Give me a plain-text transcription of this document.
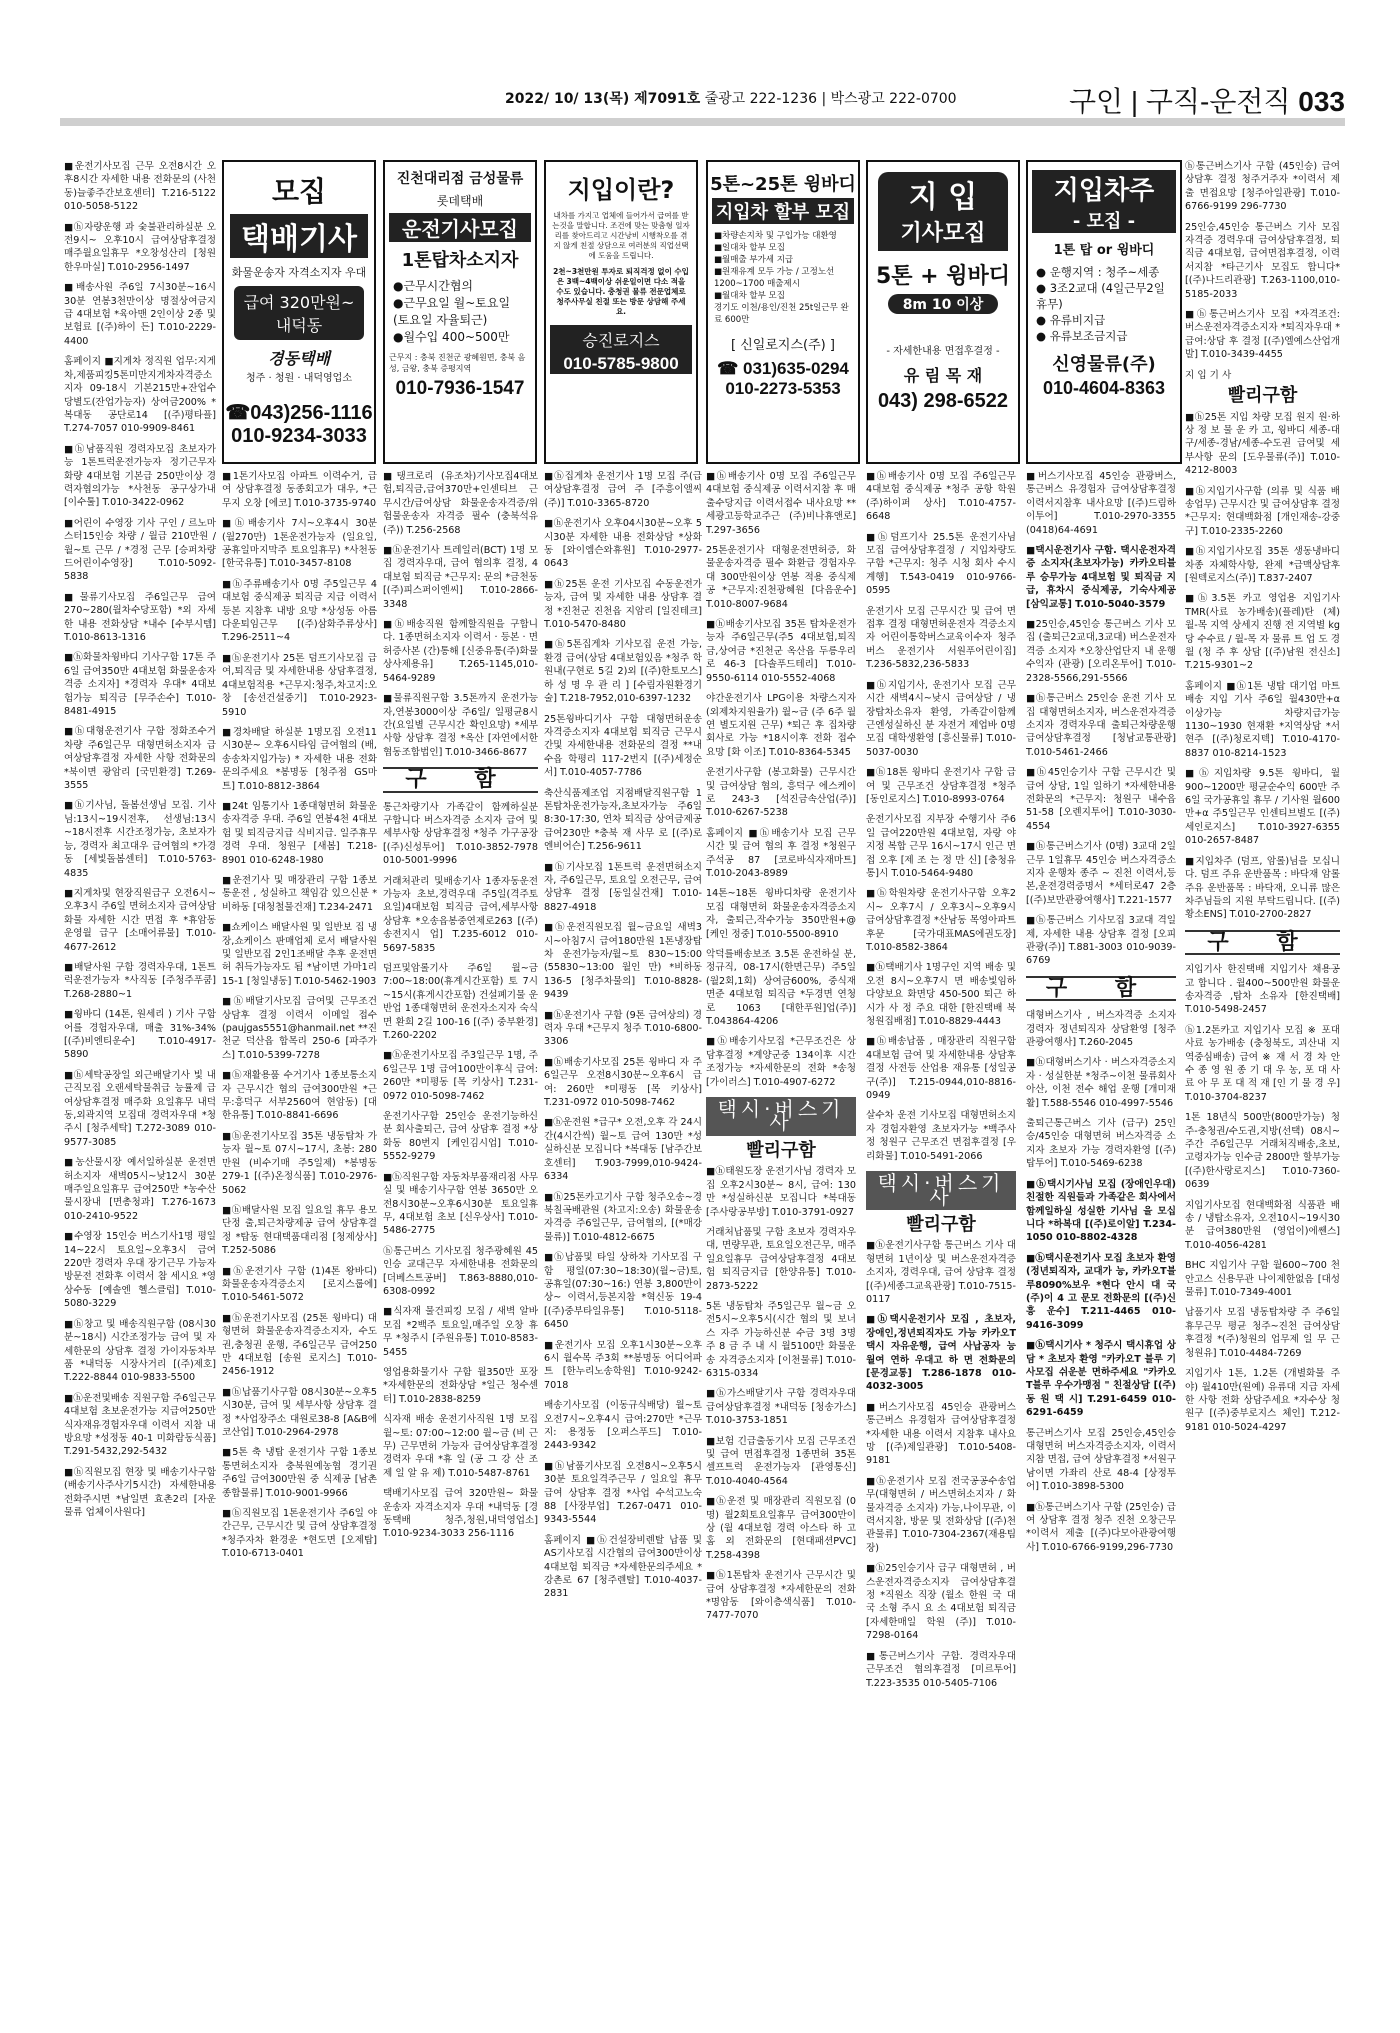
2022/ 10/ 13(목) 제7091호 줄광고 222-1236 | 박스광고 222-0700	구인 | 구직-운전직 033
■운전기사모집 근무 오전8시간 오후8시간 자세한 내용 전화문의 (사천동)늘좋주간보호센터] T.216-5122 010-5058-5122
■ⓗ자량운행 과 숯불관리하실분 오전9시~ 오후10시 급여상담후결정 매주월요일휴무 *오창성산리 [청원한우마실] T.010-2956-1497
■배송사원 주6일 7시30분~16시30분 연봉3천만이상 명절상여금지급 4대보험 *육아맨 2인이상 2종 및 보험료 [(주)하이 든] T.010-2229-4400
홈페이지 ■지게차 정직원 업무:지게차,제품피킹5톤미만지게차자격증소지자 09-18시 기본215만+잔업수당별도(잔업가능자) 상여금200% *복대동 공단로14 [(주)평타플] T.274-7057 010-9909-8461
■ⓗ남품직원 경력자모집 초보자가능 1톤트럭운전가능자 정기근무자 화량 4대보험 기본급 250만이상 경력자협의가능 *사천동 공구상가내 [이수툴] T.010-3422-0962
■어린이 수영장 기사 구인 / 르노마스터15인승 차량 / 월급 210만원 / 월~토 근무 / *경정 근무 [승퍼차량드어린이수영장] T.010-5092-5838
■물류기사모집 주6일근무 급여 270~280(월차수당포함) *외 자세한 내용 전화상담 *내수 [수부시템] T.010-8613-1316
■ⓗ화물차윙바디 기사구함 17톤 주6일 급여350만 4대보험 화물운송자격증 소지자] *경력자 우대* 4대보험가능 퇴직금 [무주손수] T.010-8481-4915
■ⓗ대형운전기사 구함 정화조수거차량 주6일근무 대형면허소지자 급여상담후결정 자세한 사항 전화문의 *북이면 광암리 [국민환경] T.269-3555
■ⓗ기사님, 돌봄선생님 모집. 기사님:13시~19시전후, 선생님:13시~18시전후 시간조정가능, 초보자가능, 경력자 최고대우 급여협의 *가경동 [세빛돌봄센터] T.010-5763-4835
■지게차및 현장직원급구 오전6시~ 오후3시 주6일 면허소지자 급여상담 화물 자세한 시간 면접 후 *휴암동 운영월 급구 [소매어류물] T.010-4677-2612
■배달사원 구함 경력자우대, 1톤트럭운전가능자 *사직동 [주청주푸쿰] T.268-2880~1
■윙바디 (14톤, 원세리 ) 기사 구함 어를 경험자우대, 매출 31%-34% [(주)비엔티운수] T.010-4917-5890
■ⓗ세탁공장일 외근배달기사 빛 내근직모집 오랜세탁물취급 능률제 급여상담후결정 매주화 요일휴무 내덕동,외곽지역 모집대 경력자우대 *청주시 [청주세탁] T.272-3089 010-9577-3085
■농산물시장 예서일하실분 운전면허소지자 새벽05시~낮12시 30분 매주일요일휴무 급여250만 *농수산물시장내 [면총청과] T.276-1673 010-2410-9522
■수영장 15인승 버스기사1명 평일14~22시 토요일~오후3시 급여220만 경력자 우대 장기근무 가능자 방문전 전화후 이력서 참 세시요 *영 상수동 [예솔엔 헬스클럽] T.010-5080-3229
■ⓗ창고 및 배송직원구함 (08시30분~18시) 시간조정가능 급여 및 자세한문의 상담후 결정 가이자동차부품 *내덕동 시장사거리 [(주)제호] T.222-8844 010-9833-5500
■ⓗ운전및배송 직원구함 주6일근무 4대보험 초보운전가능 지급여250만 식자재유경험자우대 이력서 지참 내방요망 *성정동 40-1 미화람동식품] T.291-5432,292-5432
■ⓗ직원모집 현장 및 배송기사구함(배송기사주사기5시간) 자세한내용 전화주시면 *남일면 효촌2리 [자운물류 업체이사원다]
모집
택배기사
화물운송자 자격소지자 우대
급여 320만원~
내덕동
경동택배
청주 · 청원 · 내덕영업소
☎043)256-1116
010-9234-3033
진천대리점 금성물류
롯데택배
운전기사모집
1톤탑차소지자
●근무시간협의
●근무요일 월~토요일 (토요일 자율퇴근)
●월수입 400~500만
근무지 : 충북 진천군 광혜원면, 충북 음성, 금왕, 충북 증평지역
010-7936-1547
지입이란?
내차를 가지고 업체에 들어가서 급여를 받는것을 말합니다. 조건에 맞는 맞춤형 일자리를 찾아드리고 시간낭비 시행착오를 겪지 않게 친절 상담으로 여러분의 직업선택에 도움을 드립니다.
2천~3천만원 투자로 퇴직걱정 없이 수입은 3백~4백이상 쉬운일이면 다소 적을 수도 있습니다. 충청권 물류 전문업체로 청주사무실 친절 또는 방문 상담해 주세요.
승진로지스
010-5785-9800
5톤~25톤 윙바디
지입차 할부 모집
■차량손지차 및 구입가능 대환영
■일대차 할부 모집
■월매출 부가세 지급
■원재유계 모두 가능 / 고정노선 1200~1700 매출제시
■월대차 할부 모집
경기도 이천/용인/진천 25t일근무 완료 600만
[ 신일로지스(주) ]
☎ 031)635-0294
010-2273-5353
지 입
기사모집
5톤 + 윙바디
8m 10 이상
- 자세한내용 면접후결정 -
유 림 목 재
043) 298-6522
지입차주
- 모집 -
1톤 탑 or 윙바디
● 운행지역 : 청주~세종
● 3조2교대 (4일근무2일휴무)
● 유류비지급
● 유류보조금지급
신영물류(주)
010-4604-8363
■1톤기사모집 아파트 이력수거, 급여 상담후결정 동종회고가 대우, *근무지 오창 [에코] T.010-3735-9740
■ⓗ배송기사 7시~오후4시 30분 (월270만) 1톤운전가능자 (일요일,공휴일마지막주 토요일휴무) *사천동 [한국유통] T.010-3457-8108
■ⓗ주류배송기사 0명 주5일근무 4대보험 중식제공 퇴직금 지급 이력서 등본 지참후 내방 요망 *상성동 아름다운퇴임근무 [(주)삼화주류상사] T.296-2511~4
■ⓗ운전기사 25톤 덤프기사모집 급여,퇴직금 및 자세한내용 상담후결정, 4대보험적용 *근무지:청주,차고지:오창 [송선건설중기] T.010-2923-5910
■경차배달 하실분 1명모집 오전11시30분~ 오후6시타임 급여협의 (배,송송차지입가능) * 자세한 내용 전화문의주세요 *봉명동 [청주점 GS마트] T.010-8812-3864
■24t 임통기사 1종대형면허 화물운송자격증 우대. 주6일 연봉4천 4대보험 및 퇴직금지급 식비지급. 일주휴무 경력 우대. 청원구 [새봄] T.218-8901 010-6248-1980
■운전기사 및 매장관리 구함 1종보통운전 , 성실하고 책임감 있으신분 *비하동 [대청철물건재] T.234-2471
■쇼케이스 배달사원 및 일반보 집 냉장,쇼케이스 판매업체 로서 배달사원 및 일반모집 2인1조배달 추후 운전면허 취득가능자도 됨 *남이면 가마1리 15-1 [청일냉동] T.010-5462-1903
■ⓗ배달기사모집 급여및 근무조건 상담후 결정 이력서 이메일 접수(paujgas5551@hanmail.net **진천군 덕산읍 합목리 250-6 [파주가스] T.010-5399-7278
■ⓗ재활용품 수거기사 1종보통소지자 근무시간 협의 급여300만원 *근무:흥덕구 서부2560여 현암동) [대한유통] T.010-8841-6696
■ⓗ운전기사모집 35톤 냉동탑차 가능자 월~토 07시~17시, 초봉: 280만원 (비수기매 주5일제) *봉명동 279-1 [(주)온정식품] T.010-2976-5062
■ⓗ배달사원 모집 일요일 휴무 용모단정 출,퇴근차량제공 급여 상담후결정 *탑동 현대택품대리점 [청제상사] T.252-5086
■ⓗ운전기사 구함 (1)4톤 왕바디) 화물운송자격증소지 [로지스룹에] T.010-5461-5072
■ⓗ운전기사모집 (25톤 윙바디) 대형면허 화물운송자격증소지자, 수도권,충청권 운행, 주6일근무 급여250만 4대보험 [송원 로지스] T.010-2456-1912
■ⓗ납품기사구함 08시30분~오후5시30분, 급여 및 세부사항 상담후 결정 *사업장주소 대원로38-8 [A&B에코산업] T.010-2964-2978
■5톤 축 냉탑 운전기사 구함 1종보통면허소지자 충북원예농협 경기권 주6일 급여300만원 중 식제공 [남촌종합물류] T.010-9001-9966
■ⓗ직원모집 1톤운전기사 주6일 야간근무, 근무시간 및 급여 상담후결정 *청주자차 환경운 *현도면 [오제탑] T.010-6713-0401
■탱크로리 (유조차)기사모집4대보험,퇴직금,급여370만+인센티브 근무시간/급여상담 화물운송자격증/위험물운송자 자격증 필수 (충북석유(주)) T.256-2568
■ⓗ운전기사 트레일러(BCT) 1명 모집 경력자우대, 급여 협의후 결정, 4대보험 퇴직금 *근무지: 문의 *금천동 [(주)피스퍼이엔씨] T.010-2866-3348
■ⓗ배송직원 함께할직원을 구합니다. 1종면허소지자 이력서 · 등본 · 면허증사본 (간)통해 [신중유통(주)화물상사제용유] T.265-1145,010-5464-9289
■물류직원구함 3.5톤까지 운전가능자,연봉3000이상 주6일/ 일평균8시간(요일별 근무시간 확인요망) *세부사항 상담후 결정 *옥산 [자연에서한협동조합법인] T.010-3466-8677
구 함
통근차량기사 가족같이 함께하실분 구합니다 버스자격증 소지자 급여 및 세부사항 상담후결정 *청주 가구공장 [(주)신성투어] T.010-3852-7978 010-5001-9996
거래처관리 및배송기사 1종자동운전가능자 초보,경력우대 주5일(격주토요일)4대보험 퇴직금 급여,세부사항상담후 *오송읍봉중연제로263 [(주)송전지시 업] T.235-6012 010-5697-5835
덤프및암롤기사 주6일 월~금 7:00~18:00(휴계시간포함) 토 7시~15시(휴게시간포함) 건설폐기물 운반업 1종대형면허 운전자소지자 숙식면 환희 2길 100-16 [(주) 중부환경] T.260-2202
■ⓗ운전기사모집 주3일근무 1명, 주6일근무 1명 급여100만이후식 급여: 260만 *미평동 [목 키상사] T.231-0972 010-5098-7462
운전기사구함 25인승 운전기능하신분 회사출퇴근, 급여 상담후 결정 *상화동 80번지 [케인김시업] T.010-5552-9279
■ⓗ직원구함 자동차부품재리점 사무실 및 배송기사구함 연봉 3650만 오전8시30분~오후6시30분 토요일휴무, 4대보험 초보 [신우상사] T.010-5486-2775
ⓗ통근버스 기사모집 청주광혜원 45인승 교대근무 자세한내용 전화문의 [더베스트공버] T.863-8880,010-6308-0992
■식자재 물건피킹 모집 / 새벽 알바모집 *2백주 토요일,매주일 오창 휴무 *청주시 [주원유통] T.010-8583-5455
영업용화물기사 구함 월350만 포장 *자세한문의 전화상담 *일근 청수센터] T.010-2838-8259
식자재 배송 운전기사직원 1명 모집 월~토: 07:00~12:00 월~금 (비 근무) 근무면허 가능자 급여상담후결정 경력자 우대 *휴 일 (공 그 강 산 조 제 일 알 유 제) T.010-5487-8761
택배기사모집 급여 320만원~ 화물운송자 자격소지자 우대 *내덕동 [경동택배 청주,청원,내덕영업소] T.010-9234-3033 256-1116
■ⓗ집게차 운전기사 1명 모집 주(급여상담후결정 급여 주 [주흥이앨씨(주)] T.010-3365-8720
■ⓗ운전기사 오후04시30분~오후 5시30분 자세한 내용 전화상담 *상화동 [와이엠슨와휴원] T.010-2977-0643
■ⓗ25톤 운전 기사모집 수동운전가능자, 급여 및 자세한 내용 상담후 결정 *진천군 진천읍 지암리 [일진테크] T.010-5470-8480
■ⓗ5톤집게차 기사모집 운전 가능, 환경 급여(상담 4대보험있음 *청주 학원내(구현로 5길 2)외 [(주)한토모스] 하 성 명 우 관 리 ] [수림자원환경기술] T.218-7952,010-6397-1232
25톤윙바디기사 구함 대형면허운송 자격증소지자 4대보험 퇴직금 근무시간및 자세한내용 전화문의 결정 **내수읍 학평리 117-2번지 [(주)세정순서] T.010-4057-7786
축산식품제조업 지점배달직원구함 1톤탑차운전가능자,초보자가능 주6일 8:30-17:30, 연차 퇴직금 상여금제공 급여230만 *충북 재 사무 로 [(주)로엔비어슨] T.256-9611
■ⓗ기사모집 1톤트럭 운전면허소지자, 주6일근무, 토요일 오전근무, 급여 상담후 결정 [동일실건재] T.010-8827-4918
■ⓗ운전직원모집 월~금요일 새벽3시~아침7시 급여180만원 1톤냉장탑차 운전가능자/월~토 830~15:00 (55830~13:00 월인 만) *비하동136-5 [청주차물의] T.010-8828-9439
■ⓗ운전기사 구함 (9톤 급여상의) 경력자 우대 *근무지 청주 T.010-6800-3306
■ⓗ배송기사모집 25톤 윙바디 자 주6일근무 오전8시30분~오후6시 급여: 260만 *미평동 [목 키상사] T.231-0972 010-5098-7462
■ⓗ운전원 *급구* 오전,오후 각 24시간(4시간씩) 월~토 급여 130만 *성실하신분 모집니다 *복대동 [남주간보호센터] T.903-7999,010-9424-6334
■ⓗ25톤카고기사 구함 청주오송~경북칠곡배관원 (차고지:오송) 화물운송자격증 주6일근무, 급여협의, [(*매강물류)] T.010-4812-6675
■ⓗ납품및 타일 상하차 기사모집 구함 평일(07:30~18:30)(월~금)토, 공휴일(07:30~16:) 연봉 3,800만이상~ 이력서,등본지참 *혁신동 19-4 [(주)중부타일유통] T.010-5118-6450
■운전기사 모집 오후1시30분~오후6시 월수목 주3회 **봉명동 어디어파트 [한누리노송학원] T.010-9242-7018
배송기사모집 (이동규식배당) 월~토 오전7시~오후4시 급여:270만 *근무지: 용정동 [오퍼스푸드] T.010-2443-9342
■ⓗ남품기사모집 오전8시~오후5시30분 토요일격주근무 / 일요일 휴무 급여 상담후 결정 *사업 수석고노숙 88 [사장부업] T.267-0471 010-9343-5544
홈페이지 ■ⓗ건설장비렌탈 납품 및 AS기사모집 시간협의 급여300만이상 4대보험 퇴직금 *자세한문의주세요 *강촌로 67 [청주렌탈] T.010-4037-2831
■ⓗ배송기사 0명 모집 주6일근무 4대보험 중식제공 이력서지참 후 매출수당지급 이력서접수 내사요망 **세광고등학교주근 (주)비나휴앤로] T.297-3656
25톤운전기사 대형운전면허증, 화물운송자격증 필수 화환급 경험자우대 300만원이상 연봉 적용 중식제공 *근무지:진천광혜원 [다음운수] T.010-8007-9684
■ⓗ배송기사모집 35톤 탑차운전가능자 주6일근무(주5 4대보험,퇴직금,상여금 *진천군 옥산읍 두릉우리로 46-3 [다솔푸드테리] T.010-9550-6114 010-5552-4068
야간운전기사 LPG이용 차량스지자(외제차지원율가) 월~금 (주 6주 월 연 별도지원 근무) *퇴근 후 집차량 회사로 가능 *18시이후 전화 접수 요망 [화 이조] T.010-8364-5345
운전기사구함 (봉고화물) 근무시간 및 급여상담 협의, 흥덕구 에스케이로 243-3 [석진금속산업(주)] T.010-6267-5238
홈페이지 ■ⓗ배송기사 모집 근무 시간 및 급여 협의 후 결정 *청원구 주석공 87 [코로바식자재마트] T.010-2043-8989
14톤~18톤 윙바디차량 운전기사 모집 대형면허 화물운송자격증소지자, 출퇴근,작수가능 350만원+@ [케인 정중] T.010-5500-8910
악덕를배송보조 3.5톤 운전하실 분, 정규직, 08-17시(한면근무) 주5일(월2회,1회) 상여금600%, 중식재 면준 4대보험 퇴직금 *두경면 연청로 1063 [대한푸원]업(주)] T.043864-4206
■ⓗ배송기사모집 *근무조건은 상담후결정 *계양군중 134이후 시간조정가능 *자세한문의 전화 *송청 [가이러스] T.010-4907-6272
택시·버스기사
빨리구함
■ⓗ태원도장 운전기사님 경력자 모집 오후2시30분~ 8시, 급여: 130만 *성실하신분 모집니다 *복대동 [주사랑공부방] T.010-3791-0927
거래처납품및 구함 초보자 경력자우대, 면량무관, 토요일오전근무, 매주일요일휴무 급여상담후결정 4대보험 퇴직금지급 [한양유통] T.010-2873-5222
5톤 냉동탑차 주5일근무 월~금 오전5시~오후5시(시간 협의 및 보너스 자주 가능하신분 수금 3명 3명 주 8 금 주 내 시 월5100만 화물운송 자격증소지자 [이천물류] T.010-6315-0334
■ⓗ가스배달기사 구함 경력자우대 급여상담후결정 *내덕동 [청송가스] T.010-3753-1851
■보험 긴급출동기사 모집 근무조건 및 급여 면접후결정 1종면허 35톤 셀프트럭 운전가능자 [관영통신] T.010-4040-4564
■ⓗ운전 및 매장관리 직원모집 (0명) 월2회토요일휴무 급여300만이상 (월 4대보험 경력 아스타 하 고 홈 외 전화문의 [현대패션PVC] T.258-4398
■ⓗ1톤탑차 운전기사 근무시간 및 급여 상담후결정 *자세한문의 전화 *명암동 [와이층색식품] T.010-7477-7070
■ⓗ배송기사 0명 모집 주6일근무 4대보험 중식제공 *청주 공항 학원 (주)하이퍼 상사] T.010-4757-6648
■ⓗ덤프기사 25.5톤 운전기사님 모집 급여상담후결정 / 지입차량도 구함 *근무지: 청주 시청 회사 수시계행] T.543-0419 010-9766-0595
운전기사 모집 근무시간 및 급여 면접후 결정 대형면허운전자 격증소지자 어린이통학버스교육이수자 청주버스 운전기사 서원푸어린이집] T.236-5832,236-5833
■ⓗ지입기사, 운전기사 모집 근무시간 새벽4시~낮시 급여상담 / 냉장탑차소유자 환영, 가족같이함께 근엔성실하신 분 자전거 제업바 0명 모집 대학생환영 [흥신물류] T.010-5037-0030
■ⓗ18톤 윙바디 운전기사 구함 급여 및 근무조건 상담후결정 *청주 [동인로지스] T.010-8993-0764
운전기사모집 지부장 수행기사 주6일 급여220만원 4대보험, 자랑 야 지정 복합 근무 16시~17시 인근 면접 오후 [제 조 는 정 만 신] [충청유통]시 T.010-5464-9480
■ⓗ학원차량 운전기사구함 오후2시~ 오후7시 / 오후3시~오후9시 급여상담후결정 *산남동 목영아파트후문 [국가대표MAS에권도장] T.010-8582-3864
■ⓗ택배기사 1명구인 지역 배송 및 오전 8시~오후7시 면 배송빛임하 다양보요 화면당 450-500 퇴근 하시가 사 정 주요 대한 [한진택배 북청원집배점] T.010-8829-4443
■ⓗ배송납품 , 매장관리 직원구함 4대보험 급여 및 자세한내용 상담후결정 사전등 산업용 재유통 [성일공구(주)] T.215-0944,010-8816-0949
살수차 운전 기사모집 대형면허소지자 경험자환영 초보자가능 *백주사정 청원구 근무조건 면접후결정 [우리화물] T.010-5491-2066
택시·버스기사
빨리구함
■ⓗ운전기사구함 통근버스 기사 대형면허 1년이상 및 버스운전자격증소지자, 경력우대, 급여 상담후 결정 [(주)세종그교육관광] T.010-7515-0117
■ⓗ택시운전기사 모집 , 초보자, 장애인,정년퇴직자도 가능 카카오T 택시 자유운행, 급여 사납공자 능 월여 연하 우대고 하 면 전화문의 [문경교통] T.286-1878 010-4032-3005
■버스기사모집 45인승 관광버스 통근버스 유경험자 급여상담후결정 *자세한 내용 이력서 지참후 내사요망 [(주)제일관광] T.010-5408-9181
■ⓗ운전기사 모집 전국공공수송업무(대형면허 / 버스면허소지자 / 화물자격증 소지자) 가능,나이무관, 이력서지참, 방문 및 전화상담 [(주)천관물류] T.010-7304-2367(재용팀장)
■ⓗ25인승기사 급구 대형면허 , 버스운전자격증소지자 급여상담후결정 *직원소 직장 (월소 한원 국 대 국 소형 주시 요 소 4대보험 퇴직금 [자세한매일 학원 (주)] T.010-7298-0164
■통근버스기사 구함. 경력자우대 근무조건 협의후결정 [미르투어] T.223-3535 010-5405-7106
■버스기사모집 45인승 관광버스,통근버스 유경험자 급여상담후결정 이력서지참후 내사요망 [(주)드림하이투어] T.010-2970-3355 (0418)64-4691
■택시운전기사 구함. 택시운전자격증 소지자(초보자가능) 카카오티블루 승무가능 4대보험 및 퇴직금 지급, 휴차시 중식제공, 기숙사제공 [삼익교통] T.010-5040-3579
■25인승,45인승 통근버스 기사 모집 (출퇴근2교대,3교대) 버스운전자격증 소지자 *오창산업단지 내 운행 수익자 (관광) [오리온투어] T.010-2328-5566,291-5566
■ⓗ통근버스 25인승 운전 기사 모집 대형면허소지자, 버스운전자격증 소지자 경력자우대 출퇴근차량운행 급여상담후결정 [청남교통관광] T.010-5461-2466
■ⓗ45인승기사 구함 근무시간 및 급여 상담, 1일 일하기 *자세한내용 전화문의 *근무지: 청원구 내수읍 51-58 [오렌지투어] T.010-3030-4554
■ⓗ통근버스기사 (0명) 3교대 2일근무 1일휴무 45인승 버스자격증소지자 운행차 종주 ~ 진천 이력서,등본,운전경력증명서 *세터로47 2층 [(주)보만관광여행사] T.221-1577
■ⓗ통근버스 기사모집 3교대 격일제, 자세한 내용 상담후 결정 [오피관광(주)] T.881-3003 010-9039-6769
구 함
대형버스기사 , 버스자격증 소지자 경력자 정년퇴직자 상담환영 [청주관광여행사] T.260-2045
■ⓗ대형버스기사 · 버스자격증소지자 · 성실한분 *청주~이천 물류회사 아산, 이천 전수 해업 운행 [개미재활] T.588-5546 010-4997-5546
출퇴근통근버스 기사 (급구) 25인승/45인승 대형면허 버스자격증 소지자 초보자 가능 경력자환영 [(주)탑투어] T.010-5469-6238
■ⓗ택시기사님 모집 (장애인우대) 친절한 직원들과 가족같은 회사에서 함께일하실 성실한 기사님 을 모십니다 *하복대 [(주)로이알] T.234-1050 010-8802-4328
■ⓗ택시운전기사 모집 초보자 환영 (정년퇴직자, 교대가 능, 카카오T블루8090%보우 *현다 안시 대 국 (주)이 4 고 문모 전화문의 [(주)신흥 운수] T.211-4465 010-9416-3099
■ⓗ택시기사 * 청주시 택시휴업 상담 * 초보자 환영 "카카오T 블루 기사모집 쉬운분 면하주세요 "카카오T블루 우수가맹점 " 친절상담 [(주)동 원 택 시] T.291-6459 010-6291-6459
통근버스기사 모집 25인승,45인승 대형면허 버스자격증소지자, 이력서지참 면접, 급여 상담후결정 *서원구 남이면 가좌리 산로 48-4 [상정투어] T.010-3898-5300
■ⓗ통근버스기사 구함 (25인승) 급여 상담후 결정 청주 진천 오창근무 *이력서 제출 [(주)다모아관광여행사] T.010-6766-9199,296-7730
ⓗ통근버스기사 구함 (45인승) 급여 상담후 결정 청주거주자 *이력서 제출 면접요망 [청주아일관광] T.010-6766-9199 296-7730
25인승,45인승 통근버스 기사 모집 자격증 경력우대 급여상담후결정, 퇴직금 4대보험, 급여면접후결정, 이력서지참 *타근기사 모집도 합니다* [(주)나드리관광] T.263-1100,010-5185-2033
■ⓗ통근버스기사 모집 *자격조건: 버스운전자격증소지자 *퇴직자우대 *급여:상담 후 결정 [(주)엘예스산업개발] T.010-3439-4455
지 입 기 사
빨리구함
■ⓗ25톤 지입 차량 모집 원지 원·하 상 정 보 물 운 카 고, 윙바디 세종-대구/세종-경남/세종-수도권 급여및 세부사항 문의 [도우물류(주)] T.010-4212-8003
■ⓗ지입기사구함 (의류 및 식품 배송업무) 근무시간 및 급여상담후 결정 *근무지: 현대백화점 [개인재송-강중구] T.010-2335-2260
■ⓗ지입기사모집 35톤 생동냉바디 차종 자체학사항, 완제 *급맥상담후 [원텍로지스(주)] T.837-2407
■ⓗ3.5톤 카고 영업용 지입기사 TMR(사료 농가배송)(플레)탄 (체) 월-목 지역 상세지 진행 전 지역별 kg당 수수료 / 월-목 자 물류 트 업 도 경 월 (청 주 후 상담 [(주)남원 전신소] T.215-9301~2
홈페이지 ■ⓗ1톤 냉탑 대기업 마트배송 지입 기사 주6일 월430만+α 이상가능 차량지급가능 1130~1930 현재환 *지역상담 *서현주 [(주)청로지텍] T.010-4170-8837 010-8214-1523
■ⓗ지입차량 9.5톤 윙바디, 월900~1200만 평균순수익 600만 주6일 국가공휴일 휴무 / 기사원 월600만+α 주5일근무 인센티브별도 [(주)세인로지스] T.010-3927-6355 010-2657-8487
■지입차주 (덤프, 암롤)님을 모십니다. 덤프 주유 운반품목 : 바닥재 암롤 주유 운반품목 : 바닥재, 오니류 많은 차주님들의 지원 부탁드립니다. [(주)황소ENS] T.010-2700-2827
구 함
지입기사 한진택배 지입기사 채용공고 합니다 . 월400~500만원 화물운송자격증 ,탑차 소유자 [한진택배] T.010-5498-2457
ⓗ1.2톤카고 지입기사 모집 ※ 포대사료 농가배송 (충청북도, 괴산내 지역중심배송) 급여 ※ 재 서 경 차 안 수 종 영 원 종 기 대 우 농, 포 대 사 료 아 무 포 대 적 재 [인 기 물 경 우] T.010-3704-8237
1톤 18년식 500만(800만가능) 청주-충청권/수도권,지방(선택) 08시~주간 주6일근무 거래처직배송,초보,고령자가능 인수금 2800만 할부가능 [(주)한사랑로지스] T.010-7360-0639
지입기사모집 현대백화점 식품관 배송 / 냉탑소유자, 오전10시~19시30분 급여380만원 (영업이)에쎈스] T.010-4056-4281
BHC 지입기사 구함 월600~700 천안고스 신용무관 나이제한없음 [대성물류] T.010-7349-4001
납품기사 모집 냉동탑차량 주 주6일휴무근무 평균 청주~진천 급여상담후결정 *(주)청원의 업무제 일 무 근 청원유] T.010-4484-7269
지입기사 1톤, 1.2톤 (개별화물 주야) 월410만(원예) 유류대 지급 자세한 사항 전화 상담주세요 *자수상 청원구 [(주)중부로지스 체인] T.212-9181 010-5024-4297
